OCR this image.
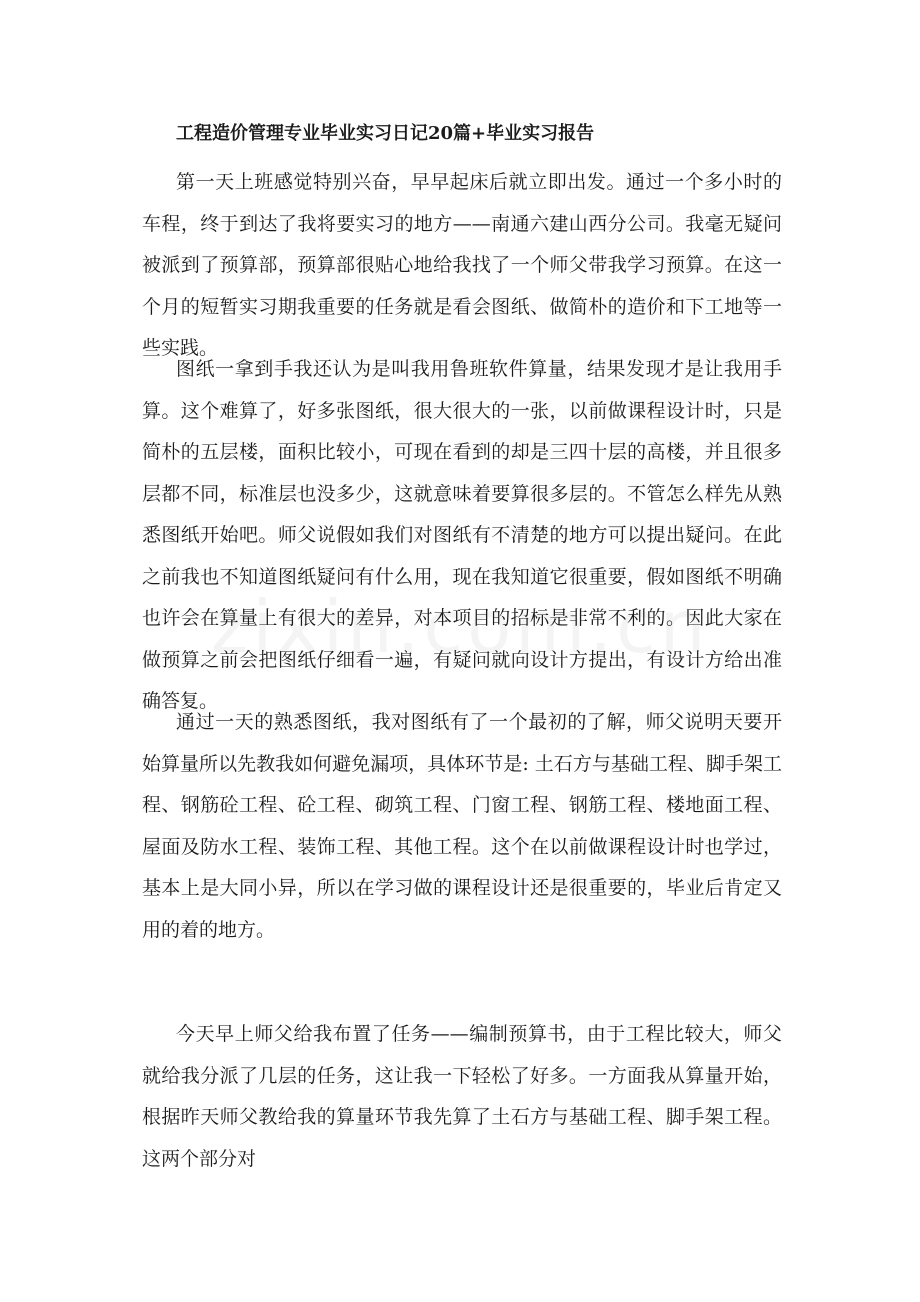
工程造价管理专业毕业实习日记20篇+毕业实习报告

第一天上班感觉特别兴奋，早早起床后就立即出发。通过一个多小时的车程，终于到达了我将要实习的地方——南通六建山西分公司。我毫无疑问被派到了预算部，预算部很贴心地给我找了一个师父带我学习预算。在这一个月的短暂实习期我重要的任务就是看会图纸、做简朴的造价和下工地等一些实践。

图纸一拿到手我还认为是叫我用鲁班软件算量，结果发现才是让我用手算。这个难算了，好多张图纸，很大很大的一张，以前做课程设计时，只是简朴的五层楼，面积比较小，可现在看到的却是三四十层的高楼，并且很多层都不同，标准层也没多少，这就意味着要算很多层的。不管怎么样先从熟悉图纸开始吧。师父说假如我们对图纸有不清楚的地方可以提出疑问。在此之前我也不知道图纸疑问有什么用，现在我知道它很重要，假如图纸不明确也许会在算量上有很大的差异，对本项目的招标是非常不利的。因此大家在做预算之前会把图纸仔细看一遍，有疑问就向设计方提出，有设计方给出准确答复。

通过一天的熟悉图纸，我对图纸有了一个最初的了解，师父说明天要开始算量所以先教我如何避免漏项，具体环节是: 土石方与基础工程、脚手架工程、钢筋砼工程、砼工程、砌筑工程、门窗工程、钢筋工程、楼地面工程、屋面及防水工程、装饰工程、其他工程。这个在以前做课程设计时也学过，基本上是大同小异，所以在学习做的课程设计还是很重要的，毕业后肯定又用的着的地方。

今天早上师父给我布置了任务——编制预算书，由于工程比较大，师父就给我分派了几层的任务，这让我一下轻松了好多。一方面我从算量开始，根据昨天师父教给我的算量环节我先算了土石方与基础工程、脚手架工程。这两个部分对
